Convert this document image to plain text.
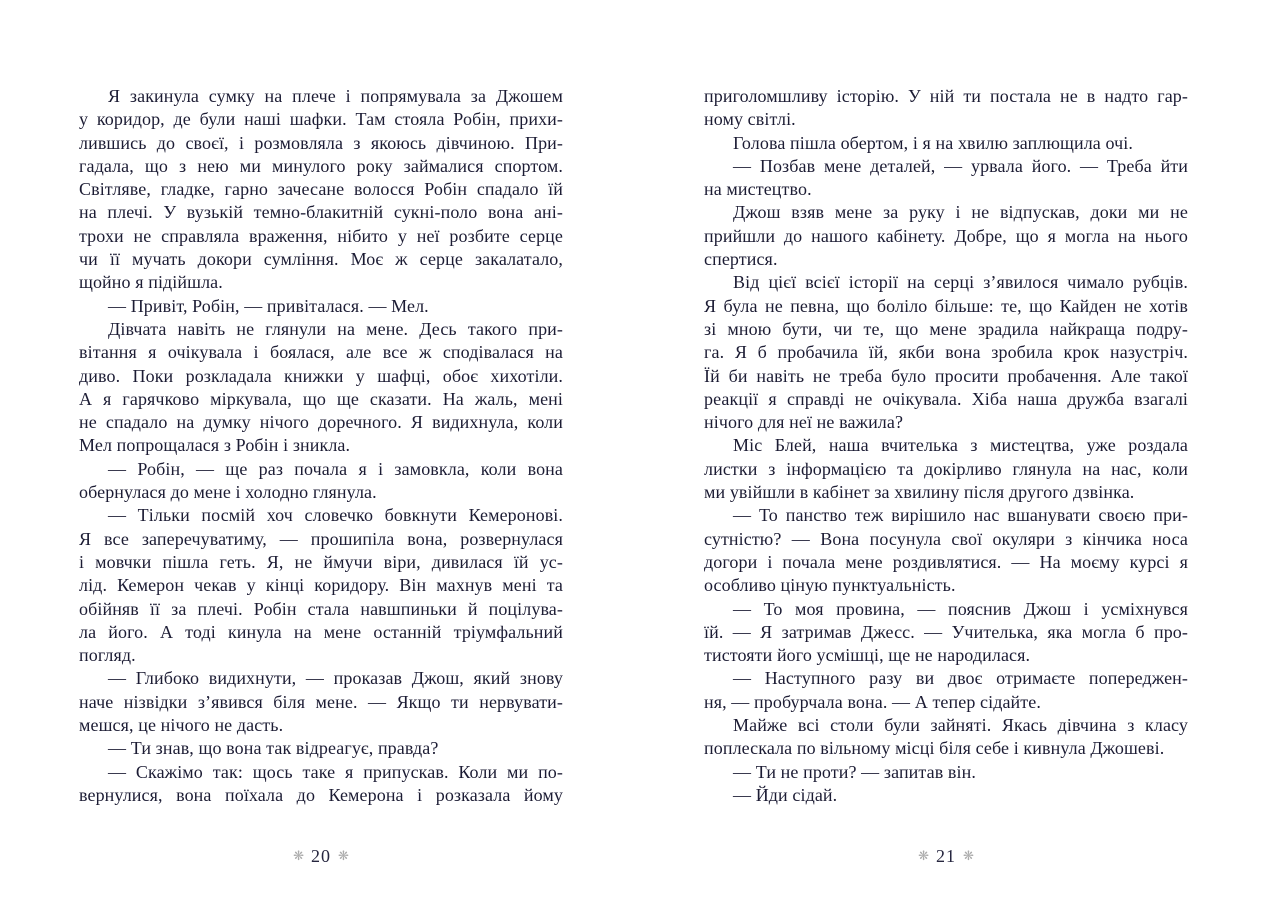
Я закинула сумку на плече і попрямувала за Джошем
у коридор, де були наші шафки. Там стояла Робін, прихи-
лившись до своєї, і розмовляла з якоюсь дівчиною. При-
гадала, що з нею ми минулого року займалися спортом.
Світляве, гладке, гарно зачесане волосся Робін спадало їй
на плечі. У вузькій темно-блакитній сукні-поло вона ані-
трохи не справляла враження, нібито у неї розбите серце
чи її мучать докори сумління. Моє ж серце закалатало,
щойно я підійшла.
— Привіт, Робін, — привіталася. — Мел.
Дівчата навіть не глянули на мене. Десь такого при-
вітання я очікувала і боялася, але все ж сподівалася на
диво. Поки розкладала книжки у шафці, обоє хихотіли.
А я гарячково міркувала, що ще сказати. На жаль, мені
не спадало на думку нічого доречного. Я видихнула, коли
Мел попрощалася з Робін і зникла.
— Робін, — ще раз почала я і замовкла, коли вона
обернулася до мене і холодно глянула.
— Тільки посмій хоч словечко бовкнути Кемеронові.
Я все заперечуватиму, — прошипіла вона, розвернулася
і мовчки пішла геть. Я, не ймучи віри, дивилася їй ус-
лід. Кемерон чекав у кінці коридору. Він махнув мені та
обійняв її за плечі. Робін стала навшпиньки й поцілува-
ла його. А тоді кинула на мене останній тріумфальний
погляд.
— Глибоко видихнути, — проказав Джош, який знову
наче нізвідки з’явився біля мене. — Якщо ти нервувати-
мешся, це нічого не дасть.
— Ти знав, що вона так відреагує, правда?
— Скажімо так: щось таке я припускав. Коли ми по-
вернулися, вона поїхала до Кемерона і розказала йому
❋ 20 ❋
приголомшливу історію. У ній ти постала не в надто гар-
ному світлі.
Голова пішла обертом, і я на хвилю заплющила очі.
— Позбав мене деталей, — урвала його. — Треба йти
на мистецтво.
Джош взяв мене за руку і не відпускав, доки ми не
прийшли до нашого кабінету. Добре, що я могла на нього
спертися.
Від цієї всієї історії на серці з’явилося чимало рубців.
Я була не певна, що боліло більше: те, що Кайден не хотів
зі мною бути, чи те, що мене зрадила найкраща подру-
га. Я б пробачила їй, якби вона зробила крок назустріч.
Їй би навіть не треба було просити пробачення. Але такої
реакції я справді не очікувала. Хіба наша дружба взагалі
нічого для неї не важила?
Міс Блей, наша вчителька з мистецтва, уже роздала
листки з інформацією та докірливо глянула на нас, коли
ми увійшли в кабінет за хвилину після другого дзвінка.
— То панство теж вирішило нас вшанувати своєю при-
сутністю? — Вона посунула свої окуляри з кінчика носа
догори і почала мене роздивлятися. — На моєму курсі я
особливо ціную пунктуальність.
— То моя провина, — пояснив Джош і усміхнувся
їй. — Я затримав Джесс. — Учителька, яка могла б про-
тистояти його усмішці, ще не народилася.
— Наступного разу ви двоє отримаєте попереджен-
ня, — пробурчала вона. — А тепер сідайте.
Майже всі столи були зайняті. Якась дівчина з класу
поплескала по вільному місці біля себе і кивнула Джошеві.
— Ти не проти? — запитав він.
— Йди сідай.
❋ 21 ❋
